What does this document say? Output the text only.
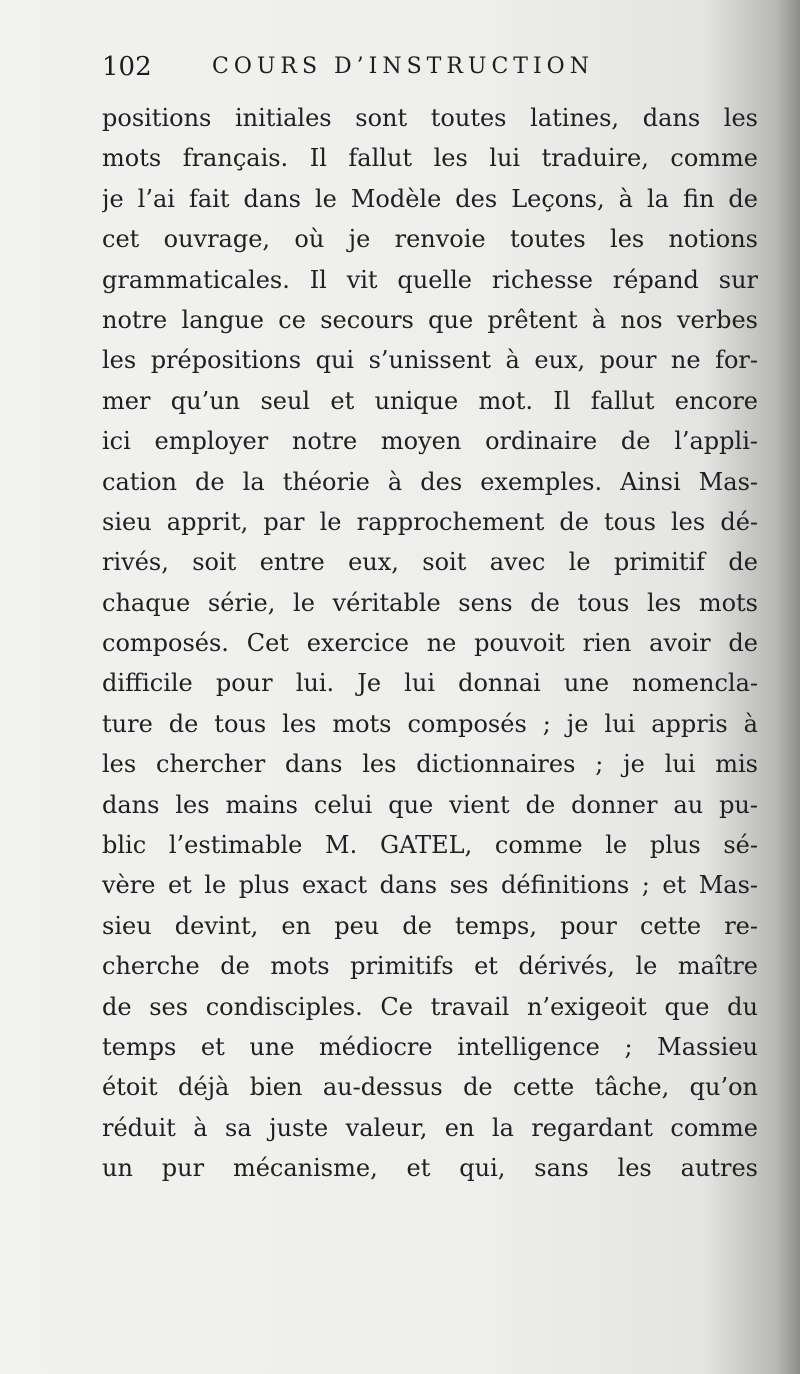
102	COURS D’INSTRUCTION
positions initiales sont toutes latines, dans les
mots français. Il fallut les lui traduire, comme
je l’ai fait dans le Modèle des Leçons, à la fin de
cet ouvrage, où je renvoie toutes les notions
grammaticales. Il vit quelle richesse répand sur
notre langue ce secours que prêtent à nos verbes
les prépositions qui s’unissent à eux, pour ne for-
mer qu’un seul et unique mot. Il fallut encore
ici employer notre moyen ordinaire de l’appli-
cation de la théorie à des exemples. Ainsi Mas-
sieu apprit, par le rapprochement de tous les dé-
rivés, soit entre eux, soit avec le primitif de
chaque série, le véritable sens de tous les mots
composés. Cet exercice ne pouvoit rien avoir de
difficile pour lui. Je lui donnai une nomencla-
ture de tous les mots composés ; je lui appris à
les chercher dans les dictionnaires ; je lui mis
dans les mains celui que vient de donner au pu-
blic l’estimable M. GATEL, comme le plus sé-
vère et le plus exact dans ses définitions ; et Mas-
sieu devint, en peu de temps, pour cette re-
cherche de mots primitifs et dérivés, le maître
de ses condisciples. Ce travail n’exigeoit que du
temps et une médiocre intelligence ; Massieu
étoit déjà bien au-dessus de cette tâche, qu’on
réduit à sa juste valeur, en la regardant comme
un pur mécanisme, et qui, sans les autres
